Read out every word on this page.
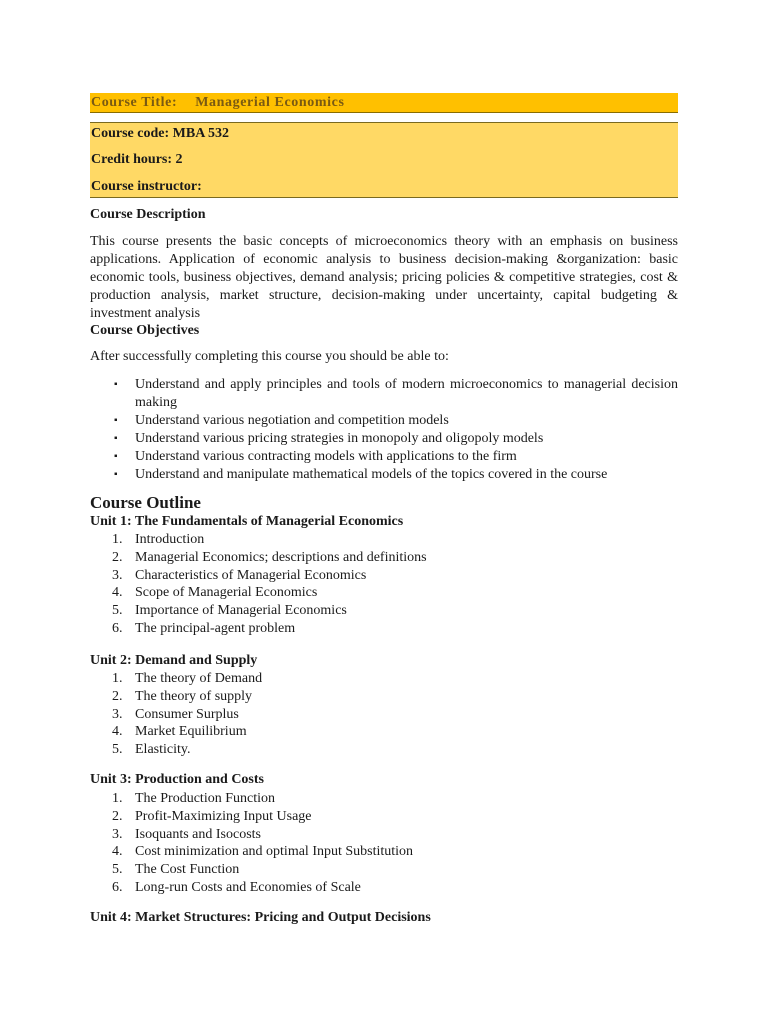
Course Title: Managerial Economics
Course code: MBA 532
Credit hours: 2
Course instructor:
Course Description
This course presents the basic concepts of microeconomics theory with an emphasis on business applications. Application of economic analysis to business decision-making &organization: basic economic tools, business objectives, demand analysis; pricing policies & competitive strategies, cost & production analysis, market structure, decision-making under uncertainty, capital budgeting & investment analysis
Course Objectives
After successfully completing this course you should be able to:
▪ Understand and apply principles and tools of modern microeconomics to managerial decision making
▪ Understand various negotiation and competition models
▪ Understand various pricing strategies in monopoly and oligopoly models
▪ Understand various contracting models with applications to the firm
▪ Understand and manipulate mathematical models of the topics covered in the course
Course Outline
Unit 1: The Fundamentals of Managerial Economics
1. Introduction
2. Managerial Economics; descriptions and definitions
3. Characteristics of Managerial Economics
4. Scope of Managerial Economics
5. Importance of Managerial Economics
6. The principal-agent problem
Unit 2: Demand and Supply
1. The theory of Demand
2. The theory of supply
3. Consumer Surplus
4. Market Equilibrium
5. Elasticity.
Unit 3: Production and Costs
1. The Production Function
2. Profit-Maximizing Input Usage
3. Isoquants and Isocosts
4. Cost minimization and optimal Input Substitution
5. The Cost Function
6. Long-run Costs and Economies of Scale
Unit 4: Market Structures: Pricing and Output Decisions
